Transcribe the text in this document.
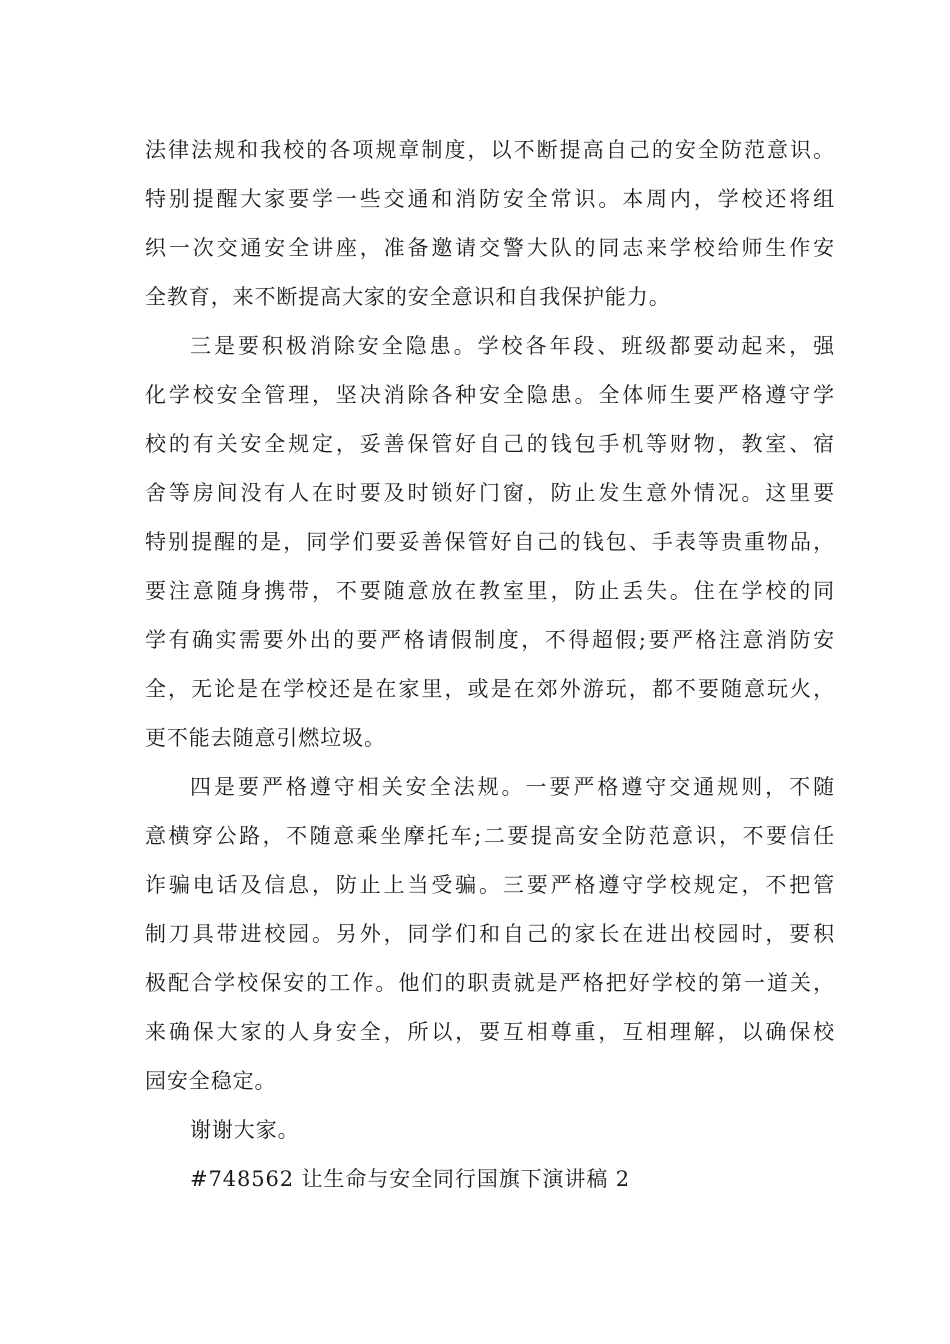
法律法规和我校的各项规章制度，以不断提高自己的安全防范意识。
特别提醒大家要学一些交通和消防安全常识。本周内，学校还将组
织一次交通安全讲座，准备邀请交警大队的同志来学校给师生作安
全教育，来不断提高大家的安全意识和自我保护能力。
三是要积极消除安全隐患。学校各年段、班级都要动起来，强
化学校安全管理，坚决消除各种安全隐患。全体师生要严格遵守学
校的有关安全规定，妥善保管好自己的钱包手机等财物，教室、宿
舍等房间没有人在时要及时锁好门窗，防止发生意外情况。这里要
特别提醒的是，同学们要妥善保管好自己的钱包、手表等贵重物品，
要注意随身携带，不要随意放在教室里，防止丢失。住在学校的同
学有确实需要外出的要严格请假制度，不得超假;要严格注意消防安
全，无论是在学校还是在家里，或是在郊外游玩，都不要随意玩火，
更不能去随意引燃垃圾。
四是要严格遵守相关安全法规。一要严格遵守交通规则，不随
意横穿公路，不随意乘坐摩托车;二要提高安全防范意识，不要信任
诈骗电话及信息，防止上当受骗。三要严格遵守学校规定，不把管
制刀具带进校园。另外，同学们和自己的家长在进出校园时，要积
极配合学校保安的工作。他们的职责就是严格把好学校的第一道关，
来确保大家的人身安全，所以，要互相尊重，互相理解，以确保校
园安全稳定。
谢谢大家。
#748562 让生命与安全同行国旗下演讲稿 2
